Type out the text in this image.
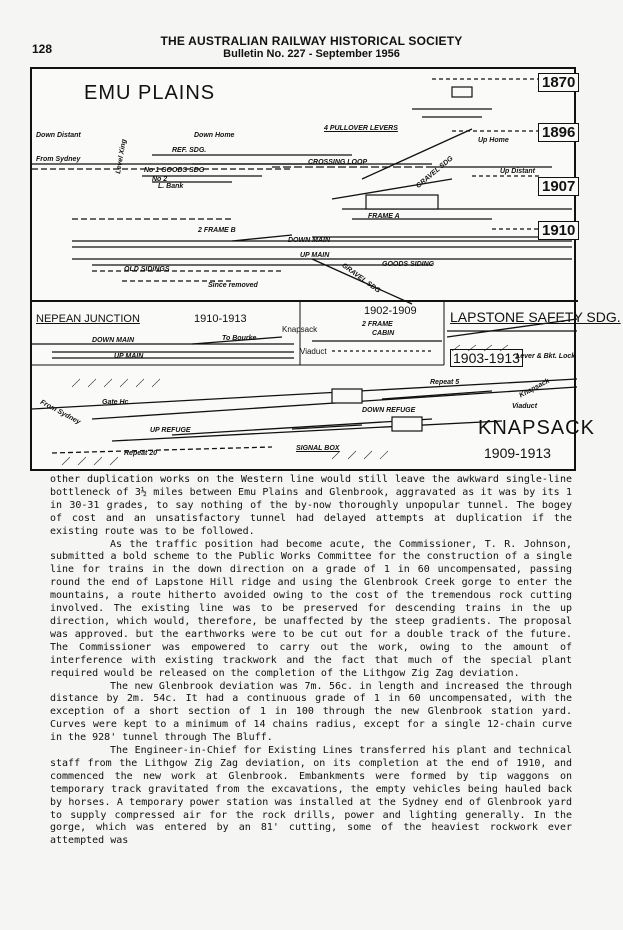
128
THE AUSTRALIAN RAILWAY HISTORICAL SOCIETY
Bulletin No. 227 - September 1956
EMU PLAINS	1870
1896
1907
1910
Down Distant	Down Home
From Sydney
4 PULLOVER LEVERS
Up Home
Up Distant
REF. SDG.
No 1 GOODS SDG
No 2
L. Bank
CROSSING LOOP	GRAVEL SDG
FRAME A
2 FRAME B
DOWN MAIN
UP MAIN
OLD SIDINGS
GOODS SIDING
GRAVEL SDG
Since removed
Level Xing
NEPEAN JUNCTION	1910-1913
DOWN MAIN
UP MAIN
To Bourke
1902-1909
Knapsack
2 FRAME
CABIN
Viaduct
LAPSTONE SAFETY SDG.
1903-1913
Lever & Bkt. Lock
KNAPSACK
1909-1913
From Sydney	Gate Hc
UP REFUGE
DOWN REFUGE
Repeat 5
Repeat 20
SIGNAL BOX
Knapsack
Viaduct

other duplication works on the Western line would still leave the awkward single-line bottleneck of 3½ miles between Emu Plains and Glenbrook, aggravated as it was by its 1 in 30-31 grades, to say nothing of the by-now thoroughly unpopular tunnel. The bogey of cost and an unsatisfactory tunnel had delayed attempts at duplication if the existing route was to be followed.

As the traffic position had become acute, the Commissioner, T. R. Johnson, submitted a bold scheme to the Public Works Committee for the construction of a single line for trains in the down direction on a grade of 1 in 60 uncompensated, passing round the end of Lapstone Hill ridge and using the Glenbrook Creek gorge to enter the mountains, a route hitherto avoided owing to the cost of the tremendous rock cutting involved. The existing line was to be preserved for descending trains in the up direction, which would, therefore, be unaffected by the steep gradients. The proposal was approved. but the earthworks were to be cut out for a double track of the future. The Commissioner was empowered to carry out the work, owing to the amount of interference with existing trackwork and the fact that much of the special plant required would be released on the completion of the Lithgow Zig Zag deviation.

The new Glenbrook deviation was 7m. 56c. in length and increased the through distance by 2m. 54c. It had a continuous grade of 1 in 60 uncompensated, with the exception of a short section of 1 in 100 through the new Glenbrook station yard. Curves were kept to a minimum of 14 chains radius, except for a single 12-chain curve in the 928' tunnel through The Bluff.

The Engineer-in-Chief for Existing Lines transferred his plant and technical staff from the Lithgow Zig Zag deviation, on its completion at the end of 1910, and commenced the new work at Glenbrook. Embankments were formed by tip waggons on temporary track gravitated from the excavations, the empty vehicles being hauled back by horses. A temporary power station was installed at the Sydney end of Glenbrook yard to supply compressed air for the rock drills, power and lighting generally. In the gorge, which was entered by an 81' cutting, some of the heaviest rockwork ever attempted was
